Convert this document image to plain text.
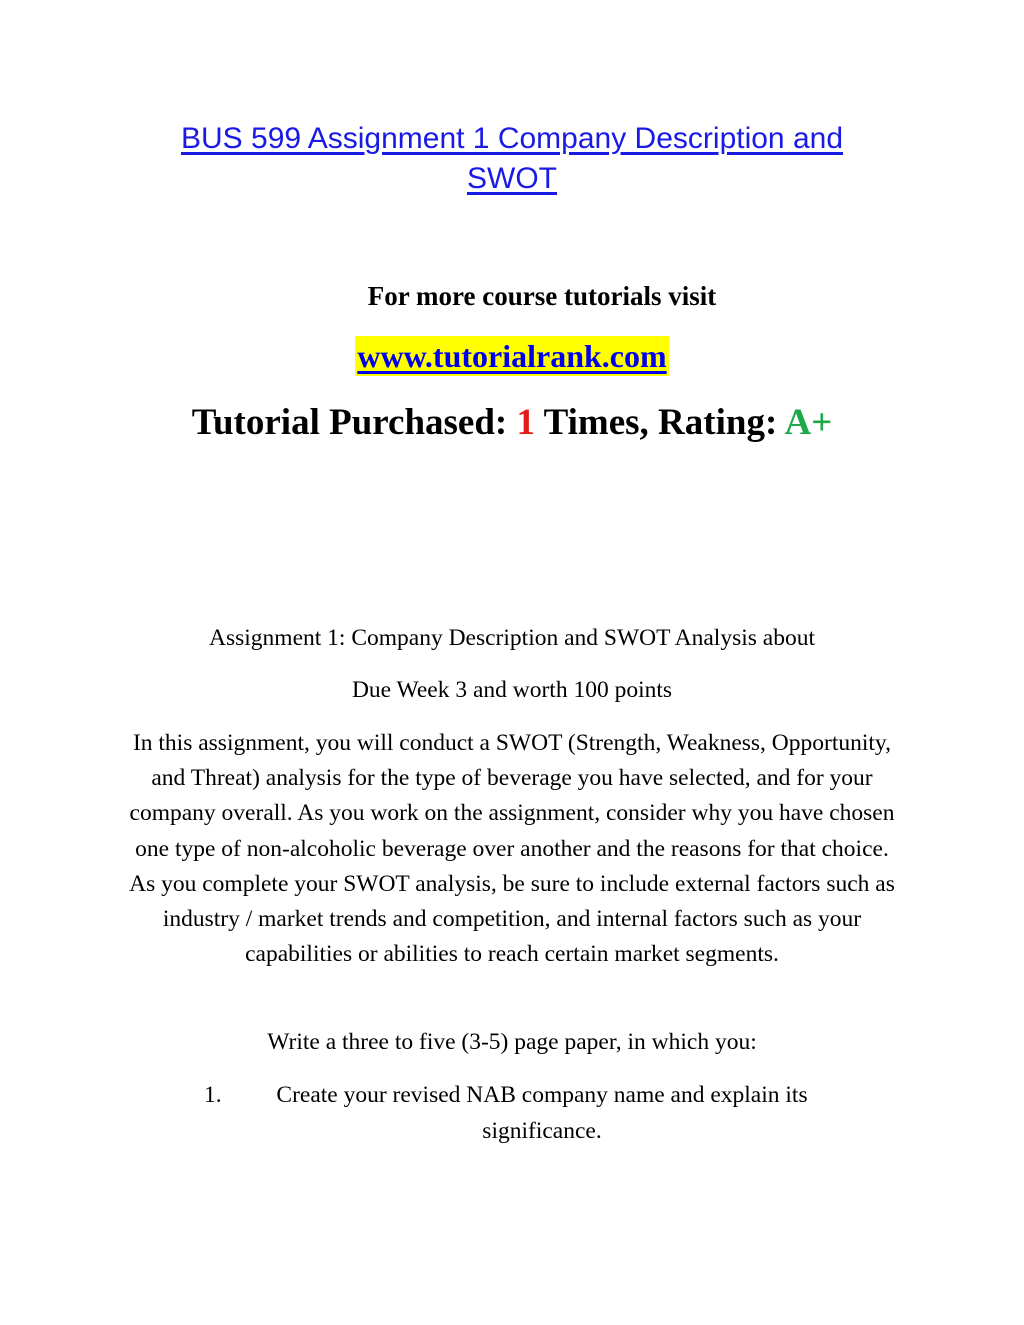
BUS 599 Assignment 1 Company Description and
SWOT
For more course tutorials visit
www.tutorialrank.com
Tutorial Purchased: 1 Times, Rating: A+
Assignment 1: Company Description and SWOT Analysis about
Due Week 3 and worth 100 points
In this assignment, you will conduct a SWOT (Strength, Weakness, Opportunity, and Threat) analysis for the type of beverage you have selected, and for your company overall. As you work on the assignment, consider why you have chosen one type of non-alcoholic beverage over another and the reasons for that choice. As you complete your SWOT analysis, be sure to include external factors such as industry / market trends and competition, and internal factors such as your capabilities or abilities to reach certain market segments.
Write a three to five (3-5) page paper, in which you:
1.	Create your revised NAB company name and explain its significance.
